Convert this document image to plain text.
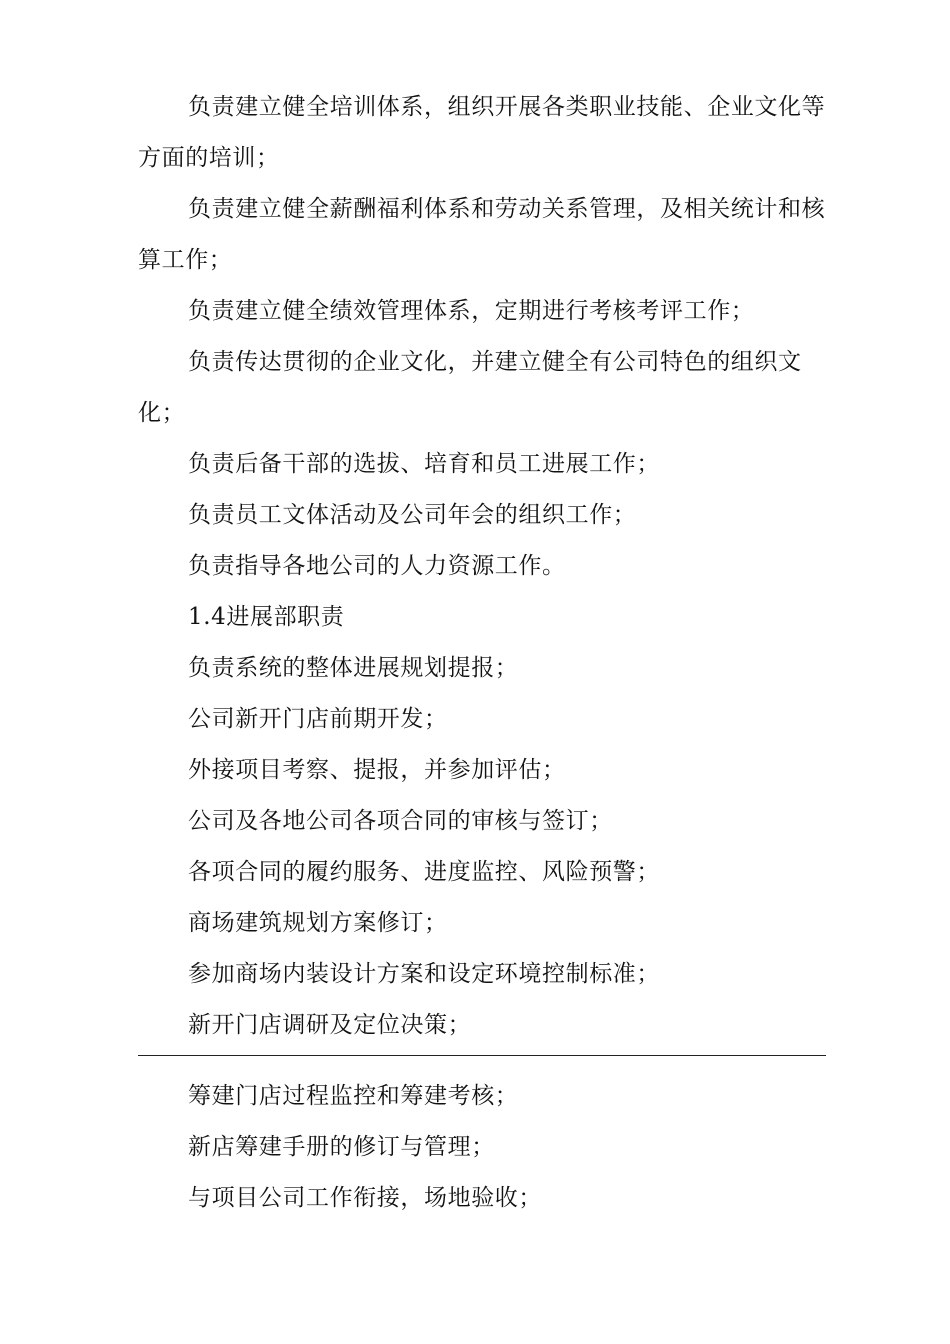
负责建立健全培训体系，组织开展各类职业技能、企业文化等方面的培训；

负责建立健全薪酬福利体系和劳动关系管理，及相关统计和核算工作；

负责建立健全绩效管理体系，定期进行考核考评工作；

负责传达贯彻的企业文化，并建立健全有公司特色的组织文化；

负责后备干部的选拔、培育和员工进展工作；

负责员工文体活动及公司年会的组织工作；

负责指导各地公司的人力资源工作。

1.4进展部职责

负责系统的整体进展规划提报；

公司新开门店前期开发；

外接项目考察、提报，并参加评估；

公司及各地公司各项合同的审核与签订；

各项合同的履约服务、进度监控、风险预警；

商场建筑规划方案修订；

参加商场内装设计方案和设定环境控制标准；

新开门店调研及定位决策；

筹建门店过程监控和筹建考核；

新店筹建手册的修订与管理；

与项目公司工作衔接，场地验收；
